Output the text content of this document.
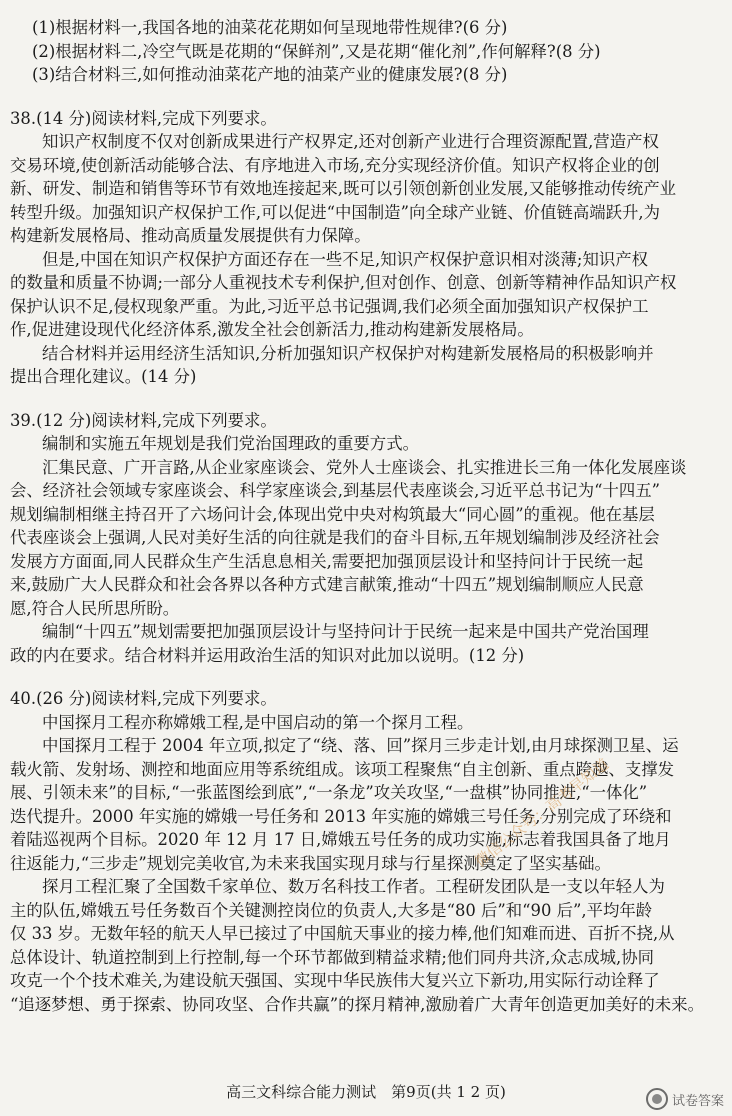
(1)根据材料一,我国各地的油菜花花期如何呈现地带性规律?(6 分)
(2)根据材料二,冷空气既是花期的“保鲜剂”,又是花期“催化剂”,作何解释?(8 分)
(3)结合材料三,如何推动油菜花产地的油菜产业的健康发展?(8 分)
38.(14 分)阅读材料,完成下列要求。
知识产权制度不仅对创新成果进行产权界定,还对创新产业进行合理资源配置,营造产权
交易环境,使创新活动能够合法、有序地进入市场,充分实现经济价值。知识产权将企业的创
新、研发、制造和销售等环节有效地连接起来,既可以引领创新创业发展,又能够推动传统产业
转型升级。加强知识产权保护工作,可以促进“中国制造”向全球产业链、价值链高端跃升,为
构建新发展格局、推动高质量发展提供有力保障。
但是,中国在知识产权保护方面还存在一些不足,知识产权保护意识相对淡薄;知识产权
的数量和质量不协调;一部分人重视技术专利保护,但对创作、创意、创新等精神作品知识产权
保护认识不足,侵权现象严重。为此,习近平总书记强调,我们必须全面加强知识产权保护工
作,促进建设现代化经济体系,激发全社会创新活力,推动构建新发展格局。
结合材料并运用经济生活知识,分析加强知识产权保护对构建新发展格局的积极影响并
提出合理化建议。(14 分)
39.(12 分)阅读材料,完成下列要求。
编制和实施五年规划是我们党治国理政的重要方式。
汇集民意、广开言路,从企业家座谈会、党外人士座谈会、扎实推进长三角一体化发展座谈
会、经济社会领域专家座谈会、科学家座谈会,到基层代表座谈会,习近平总书记为“十四五”
规划编制相继主持召开了六场问计会,体现出党中央对构筑最大“同心圆”的重视。他在基层
代表座谈会上强调,人民对美好生活的向往就是我们的奋斗目标,五年规划编制涉及经济社会
发展方方面面,同人民群众生产生活息息相关,需要把加强顶层设计和坚持问计于民统一起
来,鼓励广大人民群众和社会各界以各种方式建言献策,推动“十四五”规划编制顺应人民意
愿,符合人民所思所盼。
编制“十四五”规划需要把加强顶层设计与坚持问计于民统一起来是中国共产党治国理
政的内在要求。结合材料并运用政治生活的知识对此加以说明。(12 分)
40.(26 分)阅读材料,完成下列要求。
中国探月工程亦称嫦娥工程,是中国启动的第一个探月工程。
中国探月工程于 2004 年立项,拟定了“绕、落、回”探月三步走计划,由月球探测卫星、运
载火箭、发射场、测控和地面应用等系统组成。该项工程聚焦“自主创新、重点跨越、支撑发
展、引领未来”的目标,“一张蓝图绘到底”,“一条龙”攻关攻坚,“一盘棋”协同推进,“一体化”
迭代提升。2000 年实施的嫦娥一号任务和 2013 年实施的嫦娥三号任务,分别完成了环绕和
着陆巡视两个目标。2020 年 12 月 17 日,嫦娥五号任务的成功实施,标志着我国具备了地月
往返能力,“三步走”规划完美收官,为未来我国实现月球与行星探测奠定了坚实基础。
探月工程汇聚了全国数千家单位、数万名科技工作者。工程研发团队是一支以年轻人为
主的队伍,嫦娥五号任务数百个关键测控岗位的负责人,大多是“80 后”和“90 后”,平均年龄
仅 33 岁。无数年轻的航天人早已接过了中国航天事业的接力棒,他们知难而进、百折不挠,从
总体设计、轨道控制到上行控制,每一个环节都做到精益求精;他们同舟共济,众志成城,协同
攻克一个个技术难关,为建设航天强国、实现中华民族伟大复兴立下新功,用实际行动诠释了
“追逐梦想、勇于探索、协同攻坚、合作共赢”的探月精神,激励着广大青年创造更加美好的未来。
微信公众号：高考早知道
高三文科综合能力测试　第9页(共 1 2 页)	试卷答案
